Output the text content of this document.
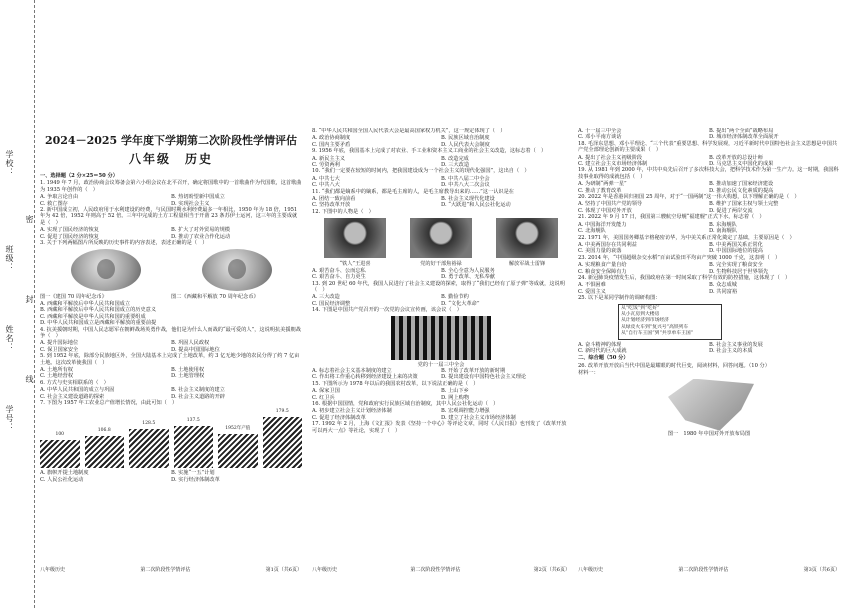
学校：
班级：
姓名：
学号：
密
封
线
2024－2025 学年度下学期第二次阶段性学情评估
八年级　历史
一、选择题（2 分×25＝50 分）
1. 1949 年 7 月，政治协商会议筹备会第六小组会议在北平召开，确定将国歌中的一首歌曲作为代国歌，这首歌曲为 1935 年创作的（　）
A. 争取言论自由	B. 热切盼望新中国成立
C. 救亡图存	D. 实现社会主义
2. 新中国成立初，人民政府用于水利建设的经费，与民国时期水利经费最多一年相比，1950 年为 18 倍，1951 年为 42 倍，1952 年则高于 52 倍。三年中完成的土方工程量相当于开凿 23 条苏伊士运河，这三年的主要成就是（　）
A. 实现了国民经济的恢复	B. 扩大了对外贸易的规模
C. 促进了国民经济的恢复	D. 推动了农业合作化运动
3. 关于下列两幅图片所反映的历史事件的内容表述，表述正确的是（　）
图一《建国 70 周年纪念币》	图二《西藏和平解放 70 周年纪念币》
A. 西藏和平解放后中华人民共和国成立
B. 西藏和平解放后中华人民共和国成立的历史意义
C. 西藏和平解放是中华人民共和国的重要组成
D. 中华人民共和国成立是西藏和平解放的重要前提
4. 抗美援朝时期，中国人民志愿军在朝鲜战场英勇作战，他们是为什么人而战的“最可爱的人”，这说明抗美援朝战争（　）
A. 提升国际地位	B. 巩固人民政权
C. 保卫国家安全	D. 提高中国国际地位
5. 到 1952 年底，除部分民族地区外，全国大陆基本上完成了土地改革，约 3 亿无地少地的农民分得了约 7 亿亩土地。这次改革使我国（　）
A. 土地所有权	B. 土地使用权
C. 土地经营权	D. 土地管理权
6. 方式与史实相联系的（　）
A. 中华人民共和国的成立与巩固	B. 社会主义制度的建立
C. 社会主义建设道路的探索	D. 社会主义道路的开辟
7. 下图为 1957 年工农业总产值增长情况，由此可知（　）
100
106.8
128.5	137.5
1952年产值
179.5
A. 旗帜开提土地制度	B. 实施“一五”计划
C. 人民公社化运动	D. 实行经济体制改革
八年级历史	第二次阶段性学情评估	第1页（共6页）
8. “中华人民共和国全国人民代表大会是最高国家权力机关”，这一规定体现了（　）
A. 政治协商制度	B. 民族区域自治制度
C. 国内主要矛盾	D. 人民代表大会制度
9. 1956 年底，我国基本上完成了对农业、手工业和资本主义工商业的社会主义改造，这标志着（　）
A. 新民主主义	B. 改造完成
C. 劳资两利	D. 三大改造
10. “我们一定要在较短的时间内，把我国建设成为一个社会主义的现代化强国”，这出自（　）
A. 中共七大	B. 中共八届二中全会
C. 中共八大	D. 中共八大二次会议
11. “我们都是嫡系中的嫡系，都是毛主席的人，是毛主席教导出来的……”这一认识是在
A. 团结一致向前看	B. 社会主义现代化建设
C. 坚持改革开放	D. “大跃进”和人民公社化运动
12. 下图中的人物是（　）
“铁人”王进喜	党的好干部焦裕禄	解放军战士雷锋
A. 艰苦奋斗、公而忘私	B. 全心全意为人民服务
C. 艰苦奋斗、自力更生	D. 勇于改革、无私奉献
13. 到 20 世纪 60 年代，我国人民进行了社会主义建设的探索，取得了“我们已经有了原子弹”等成就，这说明（　）
A. 三大改造	B. 勤俭节约
C. 国民经济调整	D. “文化大革命”
14. 下图是中国共产党召开的一次党的会议宣传画，该会议（　）
党的十一届三中全会
A. 标志着社会主义基本制度的建立	B. 开始了改革开放的新时期
C. 作出将工作重心转移到经济建设上来的决策	D. 提出建设有中国特色社会主义理论
15. 下图所示为 1978 年以后的我国农村改革，以下说法正确的是（　）
A. 保家卫国	B. 上山下乡
C. 红卫兵	D. 网上购物
16. 根据中国国情，党和政府实行民族区域自治制度，其中人民公社化运动（　）
A. 初步建立社会主义计划经济体制	B. 宏观调控能力增强
C. 促进了经济体制改革	D. 建立了社会主义市场经济体制
17. 1992 年 2 月，上海《文汇报》发表《坚持一个中心》等评论文章，同时《人民日报》也刊发了《改革开放可以再大一点》等社论，实现了（　）
八年级历史	第二次阶段性学情评估	第2页（共6页）
A. 十一届三中全会	B. 提出“两个全面”战略布局
C. 邓小平南方谈话	D. 城市经济体制改革全面展开
18. 毛泽东思想、邓小平理论、“三个代表”重要思想、科学发展观，习近平新时代中国特色社会主义思想是中国共产党全部理论创新的主要成果（　）
A. 提出了社会主义初级阶段	B. 改革开放的总设计师
C. 建立社会主义市场经济体制	D. 马克思主义中国化的成果
19. 从 1981 年到 2000 年，中共中央先后召开了多次科技大会，把科学技术作为第一生产力。这一时期，我国科技事业取得的成就包括（　）
A. 为研制“两弹一星”	B. 推动加速了国家经济建设
C. 推动了教育改革	D. 推动公民文化素质的提高
20. 2022 年是香港回归祖国 25 周年，对于“一国两制”这一伟大构想，以下理解正确的是（　）
A. 坚持了中国共产党的领导	B. 维护了国家主权与领土完整
C. 体现了中国对外开放	D. 促进了两岸交流
21. 2022 年 9 月 17 日，我国第三艘航空母舰“福建舰”正式下水，标志着（　）
A. 中国海洋开发能力	B. 东海舰队
C. 北海舰队	D. 南海舰队
22. 1971 年，美国国务卿基辛格秘密访华，为中美关系正常化奠定了基础，主要原因是（　）
A. 中美两国存在共同利益	B. 中美两国关系正常化
C. 美国力量的衰落	D. 中国国际地位的提高
23. 2014 年，“中国超级杂交水稻”百亩试验田平均亩产突破 1000 千克，这表明（　）
A. 实现粮食产量自给	B. 完全实现了粮食安全
C. 粮食安全保障有力	D. 生物科技居于世界领先
24. 新冠肺炎疫情发生后，我国政府在第一时间采取了科学有效的防控措施，这体现了（　）
A. 不惧困难	B. 众志成城
C. 爱国主义	D. 共同富裕
25. 以下是某同学制作的调研构图：
从“吃饭”到“吃好”
从小瓦房到大楼房
从计划经济到市场经济
从绿皮火车到“复兴号”高铁列车
从“自行车王国”到“共享单车王国”
A. 奋斗精神的体现	B. 社会主义事业的发展
C. 新时代的巨大成就	D. 社会主义的本质
二、综合题（50 分）
26. 改革开放开放后当代中国是最耀眼的时代巨变，阅读材料，回答问题。（10 分）
材料一：
图一　1980 年中国对外开放布局图
八年级历史	第二次阶段性学情评估	第3页（共6页）
